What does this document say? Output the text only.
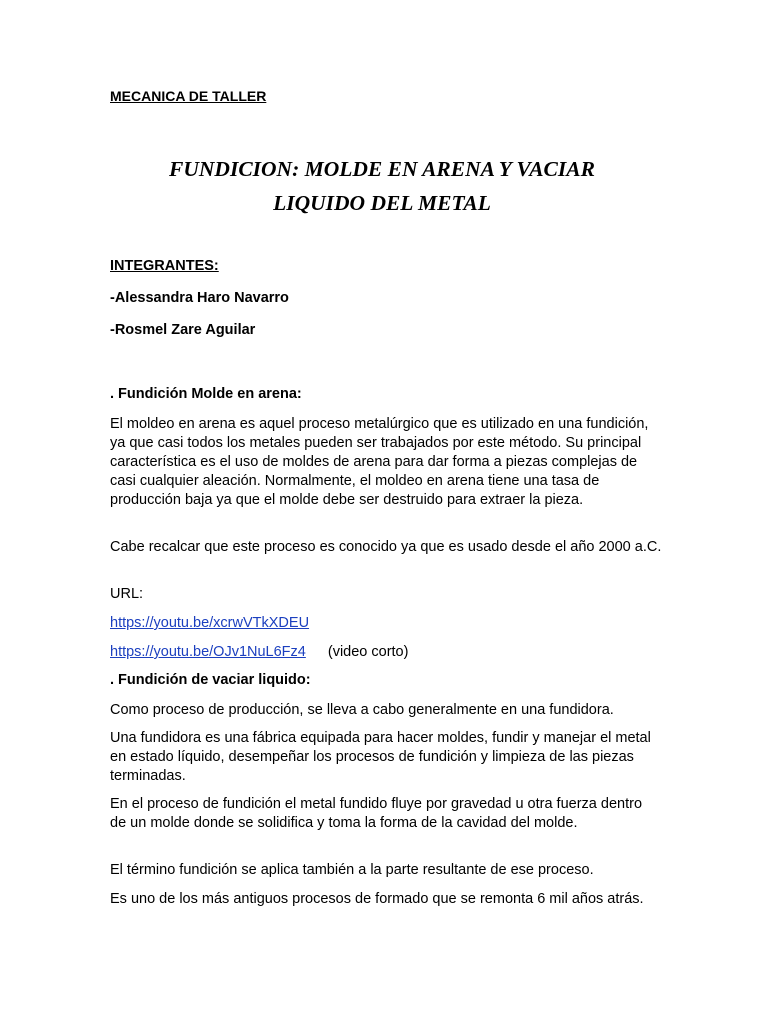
MECANICA DE TALLER

FUNDICION: MOLDE EN ARENA Y VACIAR
LIQUIDO DEL METAL

INTEGRANTES:

-Alessandra Haro Navarro

-Rosmel Zare Aguilar

. Fundición Molde en arena:

El moldeo en arena es aquel proceso metalúrgico que es utilizado en una fundición, ya que casi todos los metales pueden ser trabajados por este método. Su principal característica es el uso de moldes de arena para dar forma a piezas complejas de casi cualquier aleación. Normalmente, el moldeo en arena tiene una tasa de producción baja ya que el molde debe ser destruido para extraer la pieza.

Cabe recalcar que este proceso es conocido ya que es usado desde el año 2000 a.C.

URL:

https://youtu.be/xcrwVTkXDEU

https://youtu.be/OJv1NuL6Fz4 (video corto)

. Fundición de vaciar liquido:

Como proceso de producción, se lleva a cabo generalmente en una fundidora.

Una fundidora es una fábrica equipada para hacer moldes, fundir y manejar el metal en estado líquido, desempeñar los procesos de fundición y limpieza de las piezas terminadas.

En el proceso de fundición el metal fundido fluye por gravedad u otra fuerza dentro de un molde donde se solidifica y toma la forma de la cavidad del molde.

El término fundición se aplica también a la parte resultante de ese proceso.

Es uno de los más antiguos procesos de formado que se remonta 6 mil años atrás.
